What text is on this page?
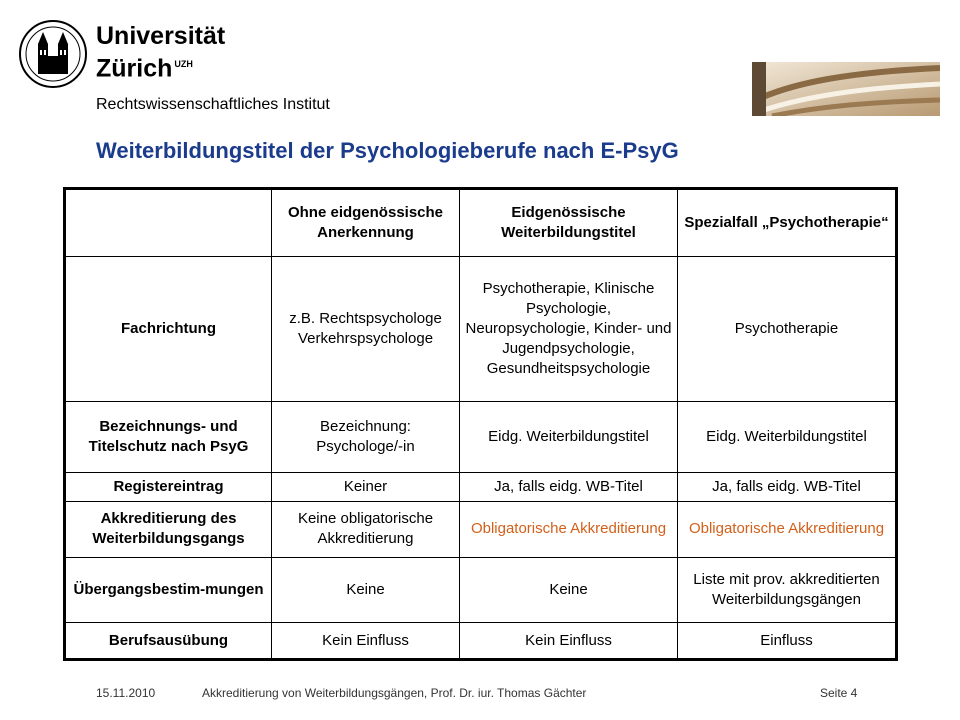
Universität
Zürich $^{UZH}$
Rechtswissenschaftliches Institut
Weiterbildungstitel der Psychologieberufe nach E-PsyG
	Ohne eidgenössische Anerkennung	Eidgenössische Weiterbildungstitel	Spezialfall „Psychotherapie“
Fachrichtung	z.B. Rechtspsychologe Verkehrspsychologe	Psychotherapie, Klinische Psychologie, Neuropsychologie, Kinder- und Jugendpsychologie, Gesundheitspsychologie	Psychotherapie
Bezeichnungs- und Titelschutz nach PsyG	Bezeichnung: Psychologe/-in	Eidg. Weiterbildungstitel	Eidg. Weiterbildungstitel
Registereintrag	Keiner	Ja, falls eidg. WB-Titel	Ja, falls eidg. WB-Titel
Akkreditierung des Weiterbildungsgangs	Keine obligatorische Akkreditierung	Obligatorische Akkreditierung	Obligatorische Akkreditierung
Übergangsbestim-mungen	Keine	Keine	Liste mit prov. akkreditierten Weiterbildungsgängen
Berufsausübung	Kein Einfluss	Kein Einfluss	Einfluss
15.11.2010	Akkreditierung von Weiterbildungsgängen, Prof. Dr. iur. Thomas Gächter	Seite 4
